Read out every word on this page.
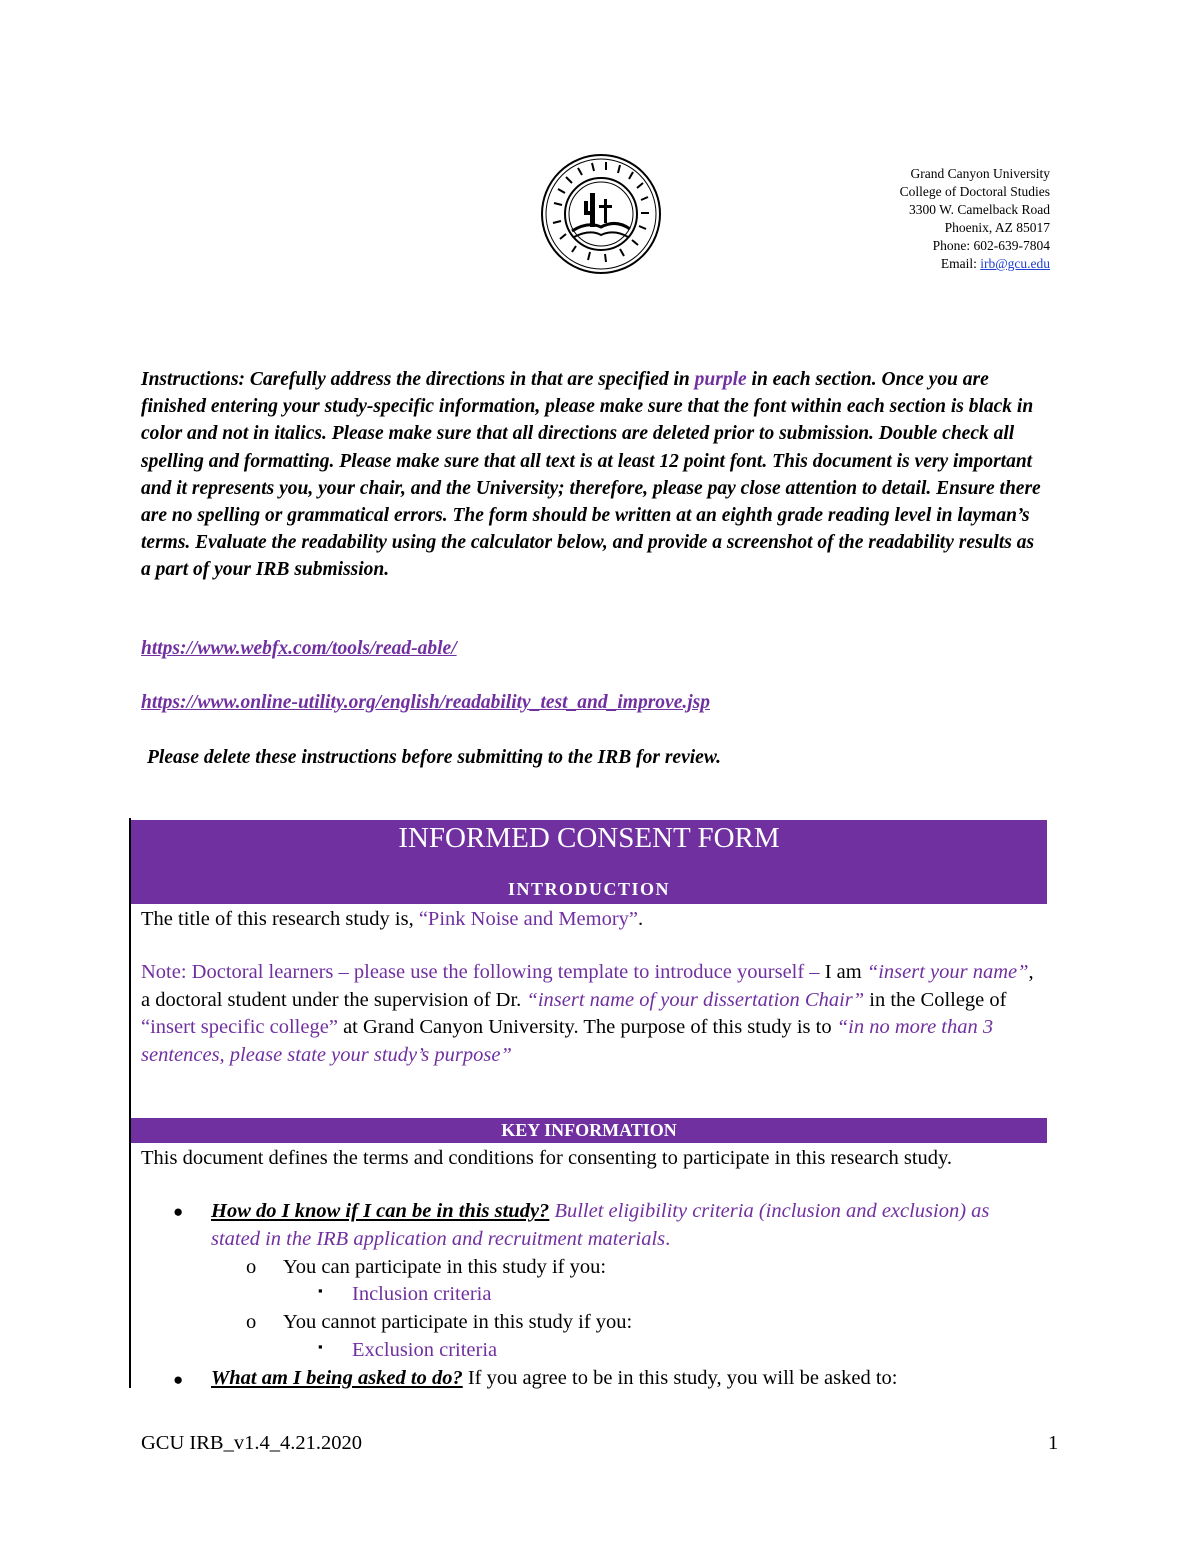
Grand Canyon University
College of Doctoral Studies
3300 W. Camelback Road
Phoenix, AZ 85017
Phone: 602-639-7804
Email: irb@gcu.edu
Instructions: Carefully address the directions in that are specified in purple in each section. Once you are finished entering your study-specific information, please make sure that the font within each section is black in color and not in italics. Please make sure that all directions are deleted prior to submission. Double check all spelling and formatting. Please make sure that all text is at least 12 point font. This document is very important and it represents you, your chair, and the University; therefore, please pay close attention to detail. Ensure there are no spelling or grammatical errors. The form should be written at an eighth grade reading level in layman’s terms. Evaluate the readability using the calculator below, and provide a screenshot of the readability results as a part of your IRB submission.
https://www.webfx.com/tools/read-able/
https://www.online-utility.org/english/readability_test_and_improve.jsp
Please delete these instructions before submitting to the IRB for review.
INFORMED CONSENT FORM
INTRODUCTION
The title of this research study is, “Pink Noise and Memory”.
Note: Doctoral learners – please use the following template to introduce yourself – I am “insert your name”, a doctoral student under the supervision of Dr. “insert name of your dissertation Chair” in the College of “insert specific college” at Grand Canyon University. The purpose of this study is to “in no more than 3 sentences, please state your study’s purpose”
KEY INFORMATION
This document defines the terms and conditions for consenting to participate in this research study.
● How do I know if I can be in this study? Bullet eligibility criteria (inclusion and exclusion) as stated in the IRB application and recruitment materials.
o You can participate in this study if you:
▪ Inclusion criteria
o You cannot participate in this study if you:
▪ Exclusion criteria
● What am I being asked to do? If you agree to be in this study, you will be asked to:
GCU IRB_v1.4_4.21.2020	1
